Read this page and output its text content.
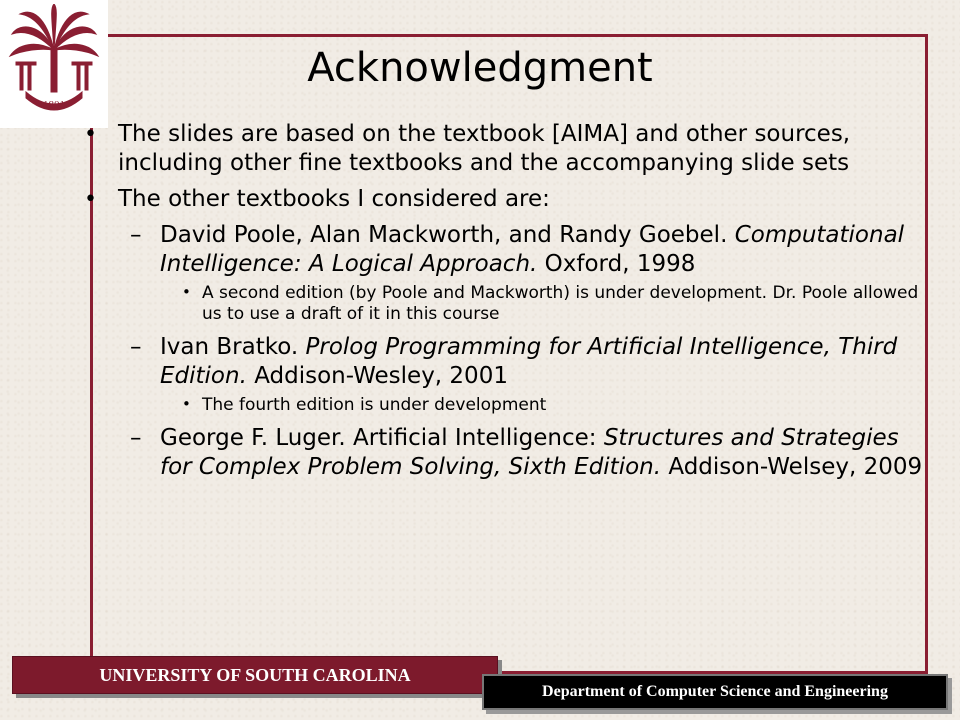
1801
Acknowledgment
• The slides are based on the textbook [AIMA] and other sources, including other fine textbooks and the accompanying slide sets
• The other textbooks I considered are:
– David Poole, Alan Mackworth, and Randy Goebel. Computational Intelligence: A Logical Approach. Oxford, 1998
• A second edition (by Poole and Mackworth) is under development. Dr. Poole allowed us to use a draft of it in this course
– Ivan Bratko. Prolog Programming for Artificial Intelligence, Third Edition. Addison-Wesley, 2001
• The fourth edition is under development
– George F. Luger. Artificial Intelligence: Structures and Strategies for Complex Problem Solving, Sixth Edition. Addison-Welsey, 2009
UNIVERSITY OF SOUTH CAROLINA
Department of Computer Science and Engineering
